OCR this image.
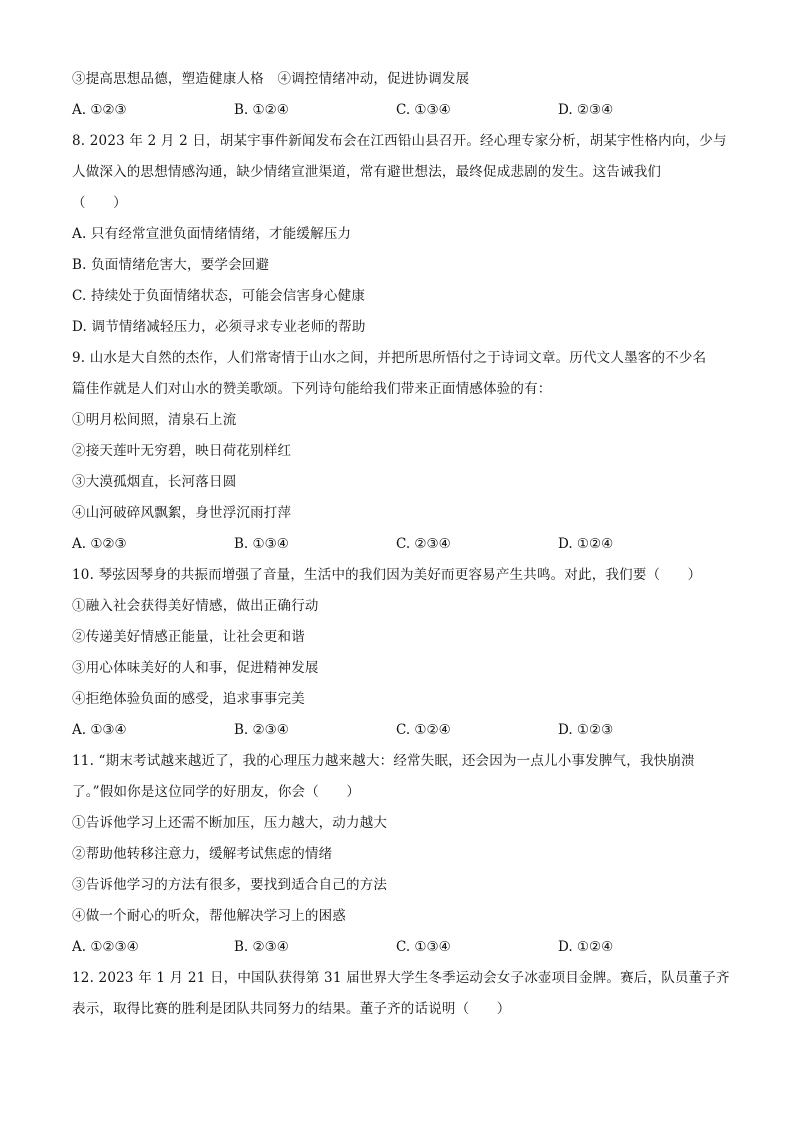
③提高思想品德，塑造健康人格　④调控情绪冲动，促进协调发展
A. ①②③	B. ①②④	C. ①③④	D. ②③④
8. 2023 年 2 月 2 日，胡某宇事件新闻发布会在江西铅山县召开。经心理专家分析，胡某宇性格内向，少与
人做深入的思想情感沟通，缺少情绪宣泄渠道，常有避世想法，最终促成悲剧的发生。这告诫我们
（　　）
A. 只有经常宣泄负面情绪情绪，才能缓解压力
B. 负面情绪危害大，要学会回避
C. 持续处于负面情绪状态，可能会信害身心健康
D. 调节情绪减轻压力，必须寻求专业老师的帮助
9. 山水是大自然的杰作，人们常寄情于山水之间，并把所思所悟付之于诗词文章。历代文人墨客的不少名
篇佳作就是人们对山水的赞美歌颂。下列诗句能给我们带来正面情感体验的有：
①明月松间照，清泉石上流
②接天莲叶无穷碧，映日荷花别样红
③大漠孤烟直，长河落日圆
④山河破碎风飘絮，身世浮沉雨打萍
A. ①②③	B. ①③④	C. ②③④	D. ①②④
10. 琴弦因琴身的共振而增强了音量，生活中的我们因为美好而更容易产生共鸣。对此，我们要（　　）
①融入社会获得美好情感，做出正确行动
②传递美好情感正能量，让社会更和谐
③用心体味美好的人和事，促进精神发展
④拒绝体验负面的感受，追求事事完美
A. ①③④	B. ②③④	C. ①②④	D. ①②③
11. “期末考试越来越近了，我的心理压力越来越大：经常失眠，还会因为一点儿小事发脾气，我快崩溃
了。”假如你是这位同学的好朋友，你会（　　）
①告诉他学习上还需不断加压，压力越大，动力越大
②帮助他转移注意力，缓解考试焦虑的情绪
③告诉他学习的方法有很多，要找到适合自己的方法
④做一个耐心的听众，帮他解决学习上的困惑
A. ①②③④	B. ②③④	C. ①③④	D. ①②④
12. 2023 年 1 月 21 日，中国队获得第 31 届世界大学生冬季运动会女子冰壶项目金牌。赛后，队员董子齐
表示，取得比赛的胜利是团队共同努力的结果。董子齐的话说明（　　）
